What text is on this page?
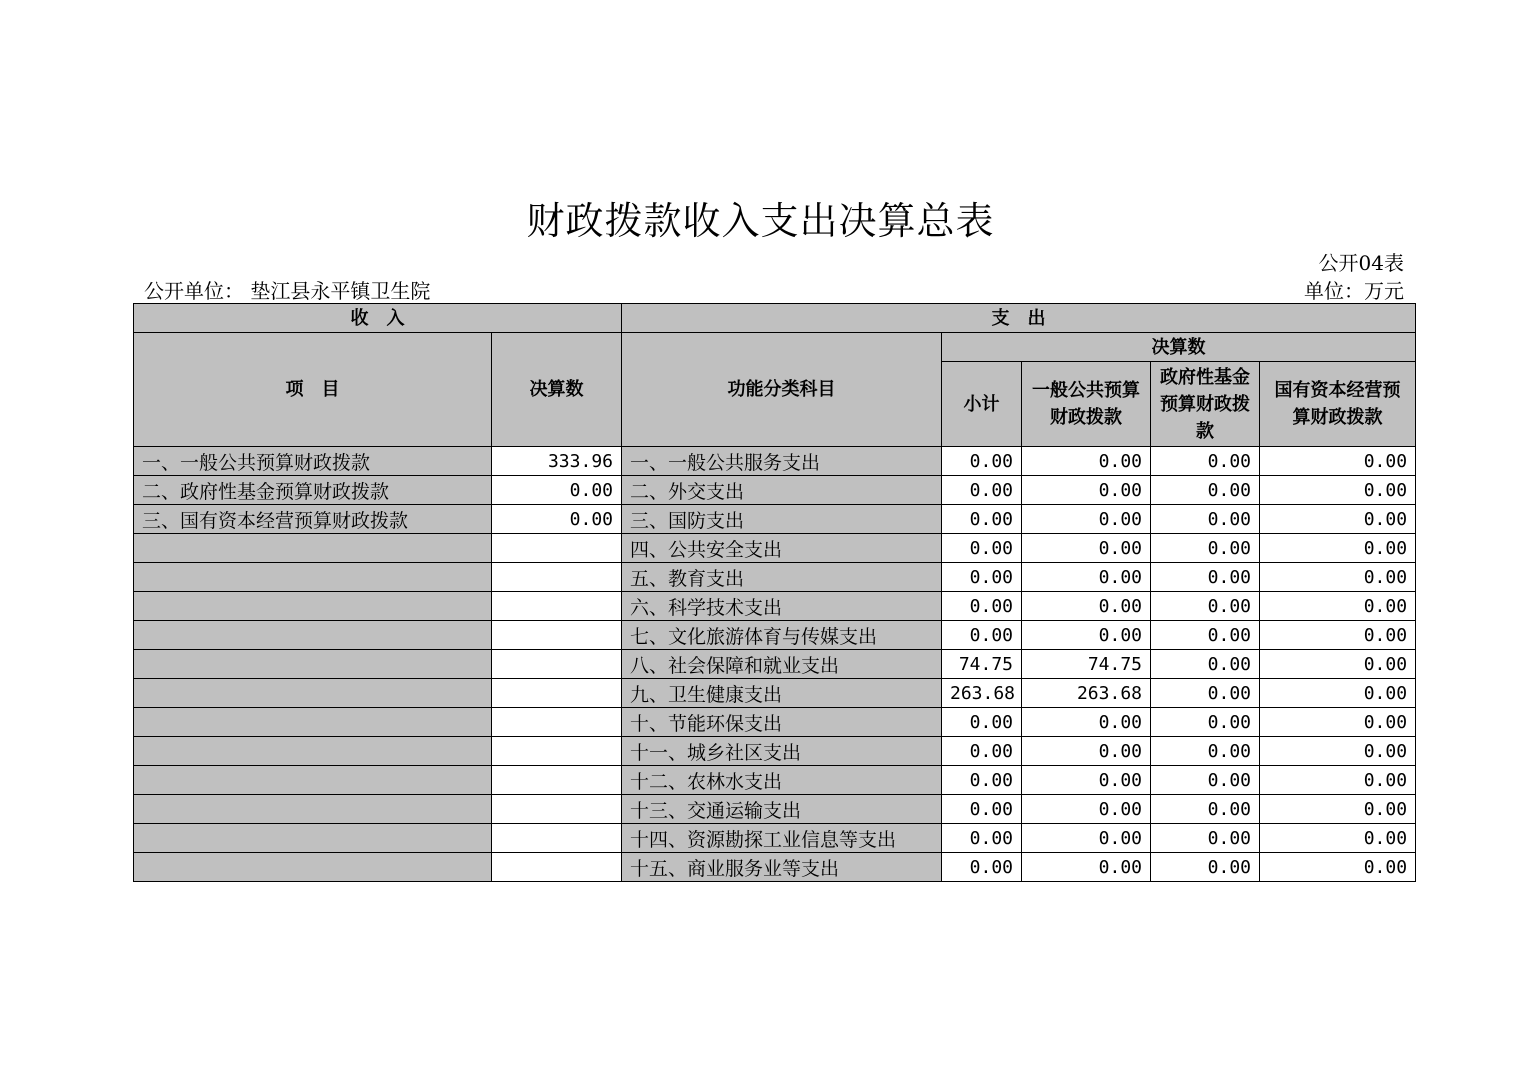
财政拨款收入支出决算总表
公开04表
公开单位： 垫江县永平镇卫生院	单位：万元
收　入		支　出				
项　目	决算数	功能分类科目	决算数			
			小计	一般公共预算财政拨款	政府性基金预算财政拨款	国有资本经营预算财政拨款
一、一般公共预算财政拨款	333.96	一、一般公共服务支出	0.00	0.00	0.00	0.00
二、政府性基金预算财政拨款	0.00	二、外交支出	0.00	0.00	0.00	0.00
三、国有资本经营预算财政拨款	0.00	三、国防支出	0.00	0.00	0.00	0.00
		四、公共安全支出	0.00	0.00	0.00	0.00
		五、教育支出	0.00	0.00	0.00	0.00
		六、科学技术支出	0.00	0.00	0.00	0.00
		七、文化旅游体育与传媒支出	0.00	0.00	0.00	0.00
		八、社会保障和就业支出	74.75	74.75	0.00	0.00
		九、卫生健康支出	263.68	263.68	0.00	0.00
		十、节能环保支出	0.00	0.00	0.00	0.00
		十一、城乡社区支出	0.00	0.00	0.00	0.00
		十二、农林水支出	0.00	0.00	0.00	0.00
		十三、交通运输支出	0.00	0.00	0.00	0.00
		十四、资源勘探工业信息等支出	0.00	0.00	0.00	0.00
		十五、商业服务业等支出	0.00	0.00	0.00	0.00
